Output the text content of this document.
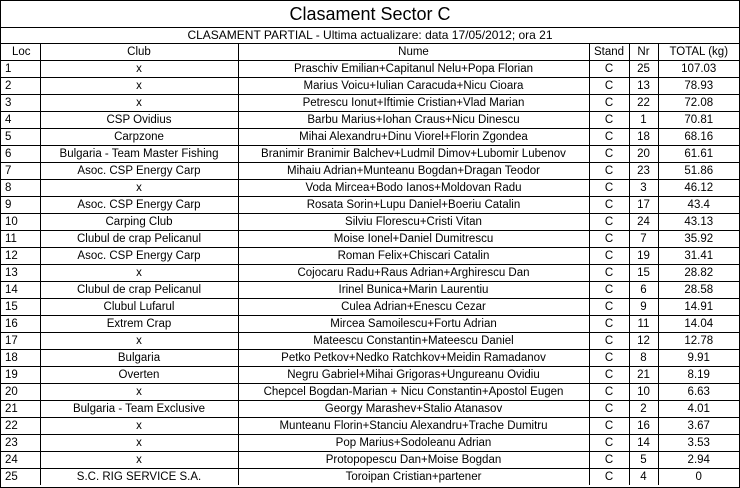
Clasament Sector C
CLASAMENT PARTIAL - Ultima actualizare: data 17/05/2012; ora 21
Loc	Club	Nume	Stand	Nr	TOTAL (kg)
1	x	Praschiv Emilian+Capitanul Nelu+Popa Florian	C	25	107.03
2	x	Marius Voicu+Iulian Caracuda+Nicu Cioara	C	13	78.93
3	x	Petrescu Ionut+Iftimie Cristian+Vlad Marian	C	22	72.08
4	CSP Ovidius	Barbu Marius+Iohan Craus+Nicu Dinescu	C	1	70.81
5	Carpzone	Mihai Alexandru+Dinu Viorel+Florin Zgondea	C	18	68.16
6	Bulgaria - Team Master Fishing	Branimir Branimir Balchev+Ludmil Dimov+Lubomir Lubenov	C	20	61.61
7	Asoc. CSP Energy Carp	Mihaiu Adrian+Munteanu Bogdan+Dragan Teodor	C	23	51.86
8	x	Voda Mircea+Bodo Ianos+Moldovan Radu	C	3	46.12
9	Asoc. CSP Energy Carp	Rosata Sorin+Lupu Daniel+Boeriu Catalin	C	17	43.4
10	Carping Club	Silviu Florescu+Cristi Vitan	C	24	43.13
11	Clubul de crap Pelicanul	Moise Ionel+Daniel Dumitrescu	C	7	35.92
12	Asoc. CSP Energy Carp	Roman Felix+Chiscari Catalin	C	19	31.41
13	x	Cojocaru Radu+Raus Adrian+Arghirescu Dan	C	15	28.82
14	Clubul de crap Pelicanul	Irinel Bunica+Marin Laurentiu	C	6	28.58
15	Clubul Lufarul	Culea Adrian+Enescu Cezar	C	9	14.91
16	Extrem Crap	Mircea Samoilescu+Fortu Adrian	C	11	14.04
17	x	Mateescu Constantin+Mateescu Daniel	C	12	12.78
18	Bulgaria	Petko Petkov+Nedko Ratchkov+Meidin Ramadanov	C	8	9.91
19	Overten	Negru Gabriel+Mihai Grigoras+Ungureanu Ovidiu	C	21	8.19
20	x	Chepcel Bogdan-Marian + Nicu Constantin+Apostol Eugen	C	10	6.63
21	Bulgaria - Team Exclusive	Georgy Marashev+Stalio Atanasov	C	2	4.01
22	x	Munteanu Florin+Stanciu Alexandru+Trache Dumitru	C	16	3.67
23	x	Pop Marius+Sodoleanu Adrian	C	14	3.53
24	x	Protopopescu Dan+Moise Bogdan	C	5	2.94
25	S.C. RIG SERVICE S.A.	Toroipan Cristian+partener	C	4	0
